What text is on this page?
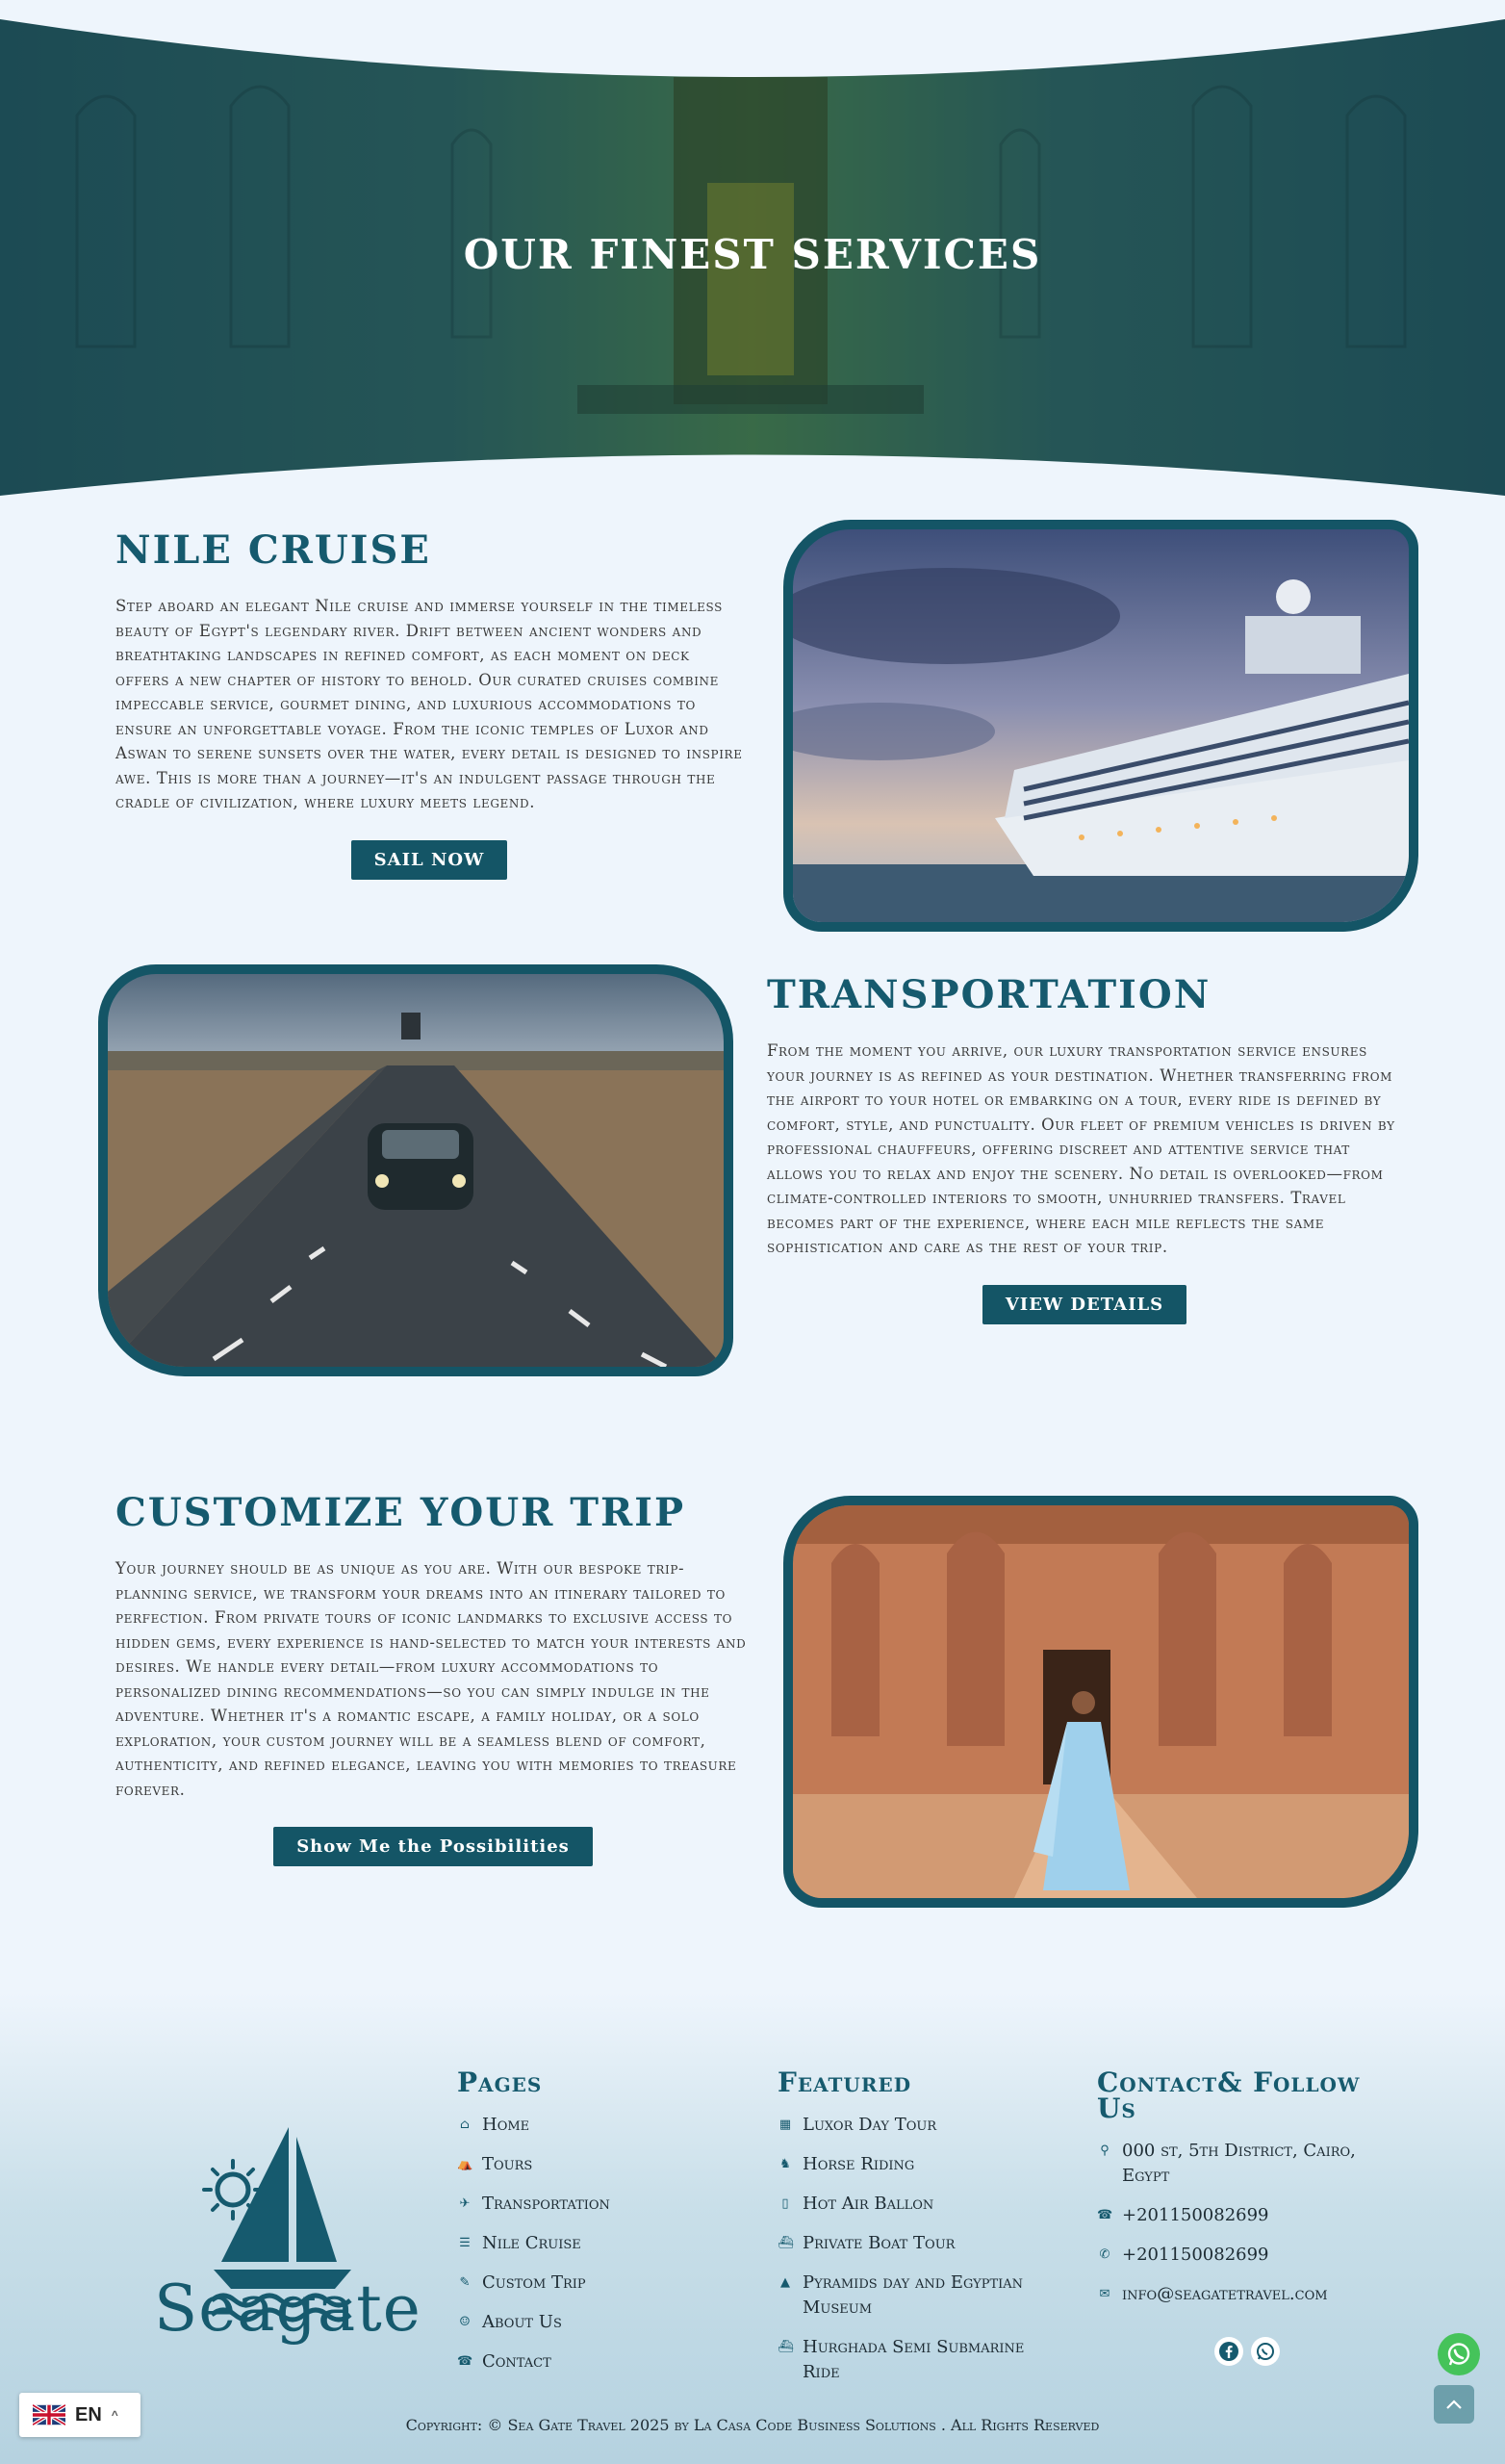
OUR FINEST SERVICES
NILE CRUISE

Step aboard an elegant Nile cruise and immerse yourself in the timeless beauty of Egypt's legendary river. Drift between ancient wonders and breathtaking landscapes in refined comfort, as each moment on deck offers a new chapter of history to behold. Our curated cruises combine impeccable service, gourmet dining, and luxurious accommodations to ensure an unforgettable voyage. From the iconic temples of Luxor and Aswan to serene sunsets over the water, every detail is designed to inspire awe. This is more than a journey—it's an indulgent passage through the cradle of civilization, where luxury meets legend.

SAIL NOW
TRANSPORTATION

From the moment you arrive, our luxury transportation service ensures your journey is as refined as your destination. Whether transferring from the airport to your hotel or embarking on a tour, every ride is defined by comfort, style, and punctuality. Our fleet of premium vehicles is driven by professional chauffeurs, offering discreet and attentive service that allows you to relax and enjoy the scenery. No detail is overlooked—from climate-controlled interiors to smooth, unhurried transfers. Travel becomes part of the experience, where each mile reflects the same sophistication and care as the rest of your trip.

VIEW DETAILS
CUSTOMIZE YOUR TRIP

Your journey should be as unique as you are. With our bespoke trip-planning service, we transform your dreams into an itinerary tailored to perfection. From private tours of iconic landmarks to exclusive access to hidden gems, every experience is hand-selected to match your interests and desires. We handle every detail—from luxury accommodations to personalized dining recommendations—so you can simply indulge in the adventure. Whether it's a romantic escape, a family holiday, or a solo exploration, your custom journey will be a seamless blend of comfort, authenticity, and refined elegance, leaving you with memories to treasure forever.

Show Me the Possibilities
Seagate
Pages
⌂ Home
⛺ Tours
✈ Transportation
☰ Nile Cruise
✎ Custom Trip
☺ About Us
☎ Contact
Featured
▦ Luxor Day Tour
♞ Horse Riding
▯ Hot Air Ballon
⛴ Private Boat Tour
▲ Pyramids day and Egyptian Museum
⛴ Hurghada Semi Submarine Ride
Contact& Follow Us
⚲ 000 st, 5th District, Cairo, Egypt
☎ +201150082699
✆ +201150082699
✉ info@seagatetravel.com
Copyright: © Sea Gate Travel 2025 by La Casa Code Business Solutions . All Rights Reserved
EN ^
